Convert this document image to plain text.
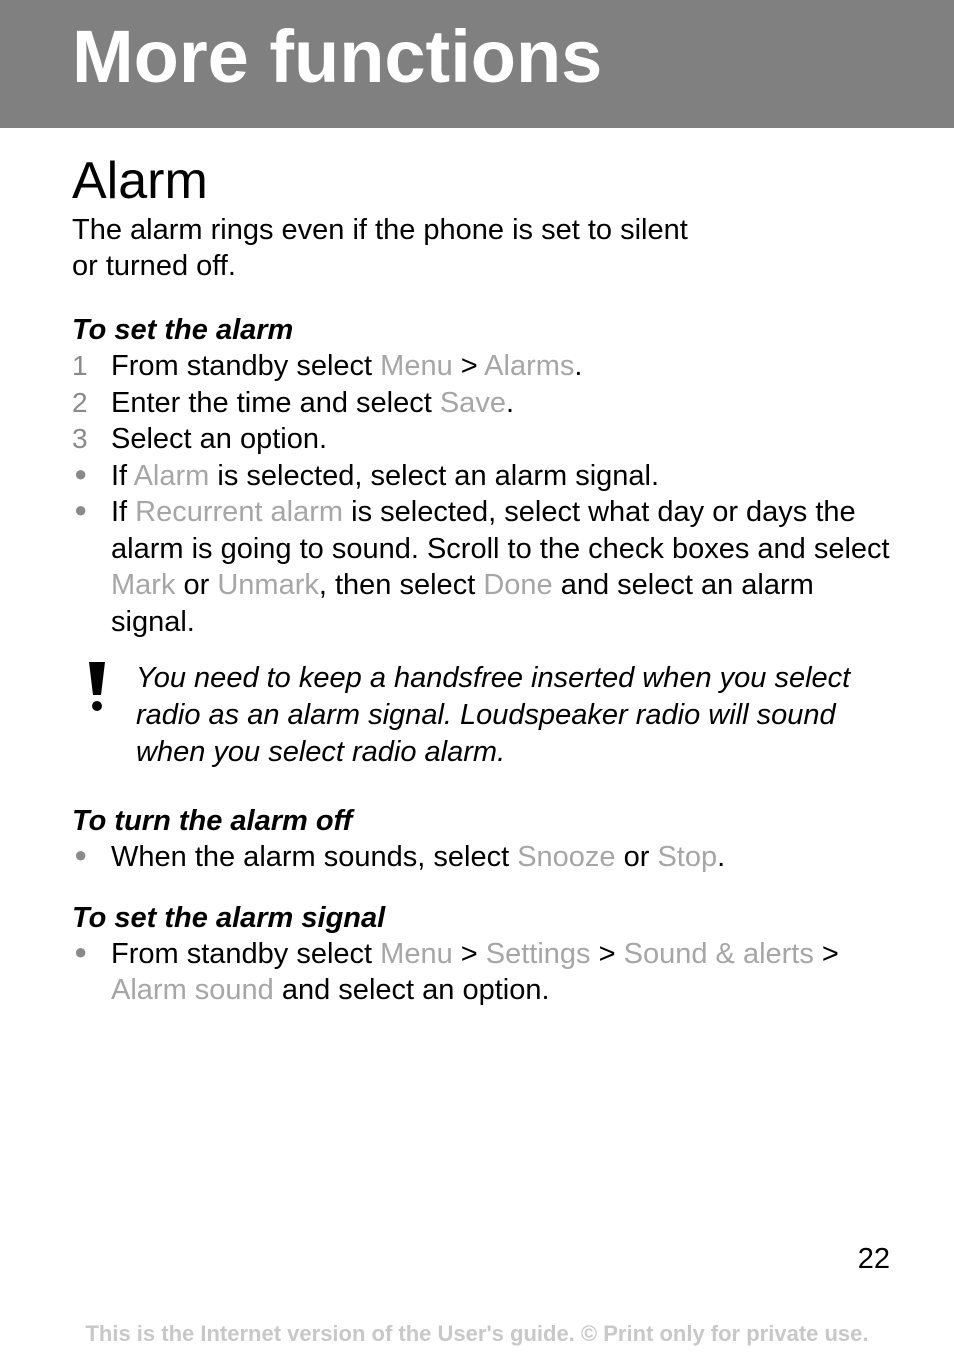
More functions
Alarm

The alarm rings even if the phone is set to silent
or turned off.

To set the alarm

1 From standby select Menu > Alarms.
2 Enter the time and select Save.
3 Select an option.
● If Alarm is selected, select an alarm signal.
● If Recurrent alarm is selected, select what day or days the alarm is going to sound. Scroll to the check boxes and select Mark or Unmark, then select Done and select an alarm signal.
You need to keep a handsfree inserted when you select radio as an alarm signal. Loudspeaker radio will sound when you select radio alarm.

To turn the alarm off

● When the alarm sounds, select Snooze or Stop.

To set the alarm signal

● From standby select Menu > Settings > Sound & alerts > Alarm sound and select an option.
22
This is the Internet version of the User's guide. © Print only for private use.
